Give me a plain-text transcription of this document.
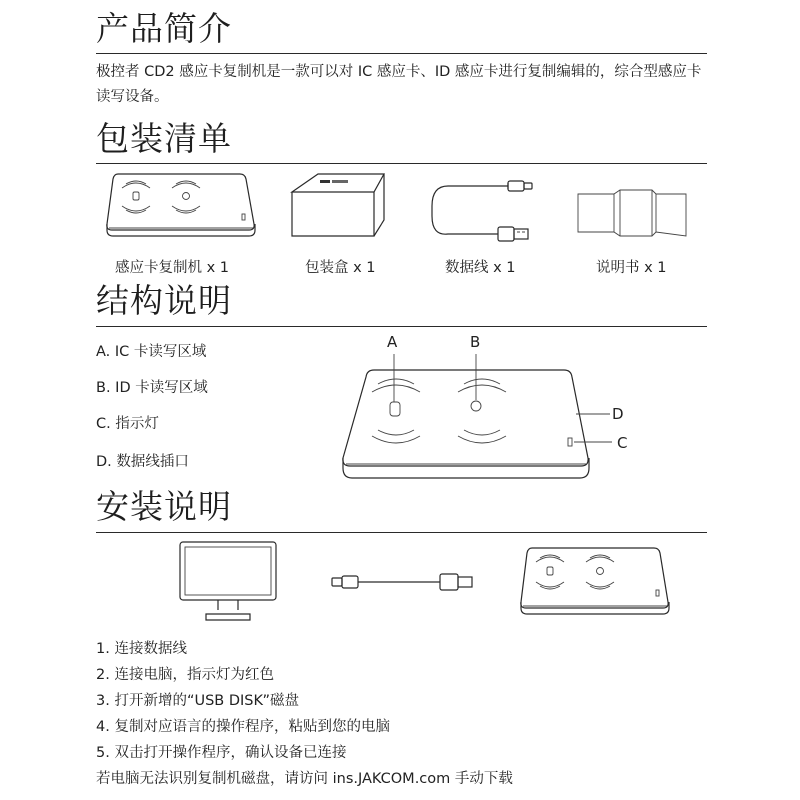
产品简介

极控者 CD2 感应卡复制机是一款可以对 IC 感应卡、ID 感应卡进行复制编辑的，综合型感应卡读写设备。

包装清单
感应卡复制机 x 1	包装盒 x 1	数据线 x 1	说明书 x 1
结构说明
A. IC 卡读写区域
B. ID 卡读写区域
C. 指示灯
D. 数据线插口
A	B
C
D
安装说明
1. 连接数据线
2. 连接电脑，指示灯为红色
3. 打开新增的“USB DISK”磁盘
4. 复制对应语言的操作程序，粘贴到您的电脑
5. 双击打开操作程序，确认设备已连接
若电脑无法识别复制机磁盘，请访问 ins.JAKCOM.com 手动下载
